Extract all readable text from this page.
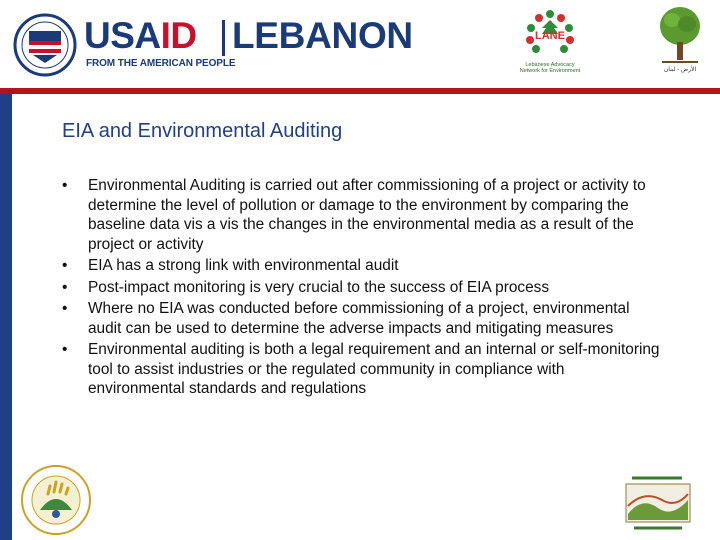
USAID LEBANON
FROM THE AMERICAN PEOPLE
LANE
Lebanese Advocacy
Network for Environment	الأرض - لبنان
EIA and Environmental Auditing
• Environmental Auditing is carried out after commissioning of a project or activity to determine the level of pollution or damage to the environment by comparing the baseline data vis a vis the changes in the environmental media as a result of the project or activity
• EIA has a strong link with environmental audit
• Post-impact monitoring is very crucial to the success of EIA process
• Where no EIA was conducted before commissioning of a project, environmental audit can be used to determine the adverse impacts and mitigating measures
• Environmental auditing is both a legal requirement and an internal or self-monitoring tool to assist industries or the regulated community in compliance with environmental standards and regulations
